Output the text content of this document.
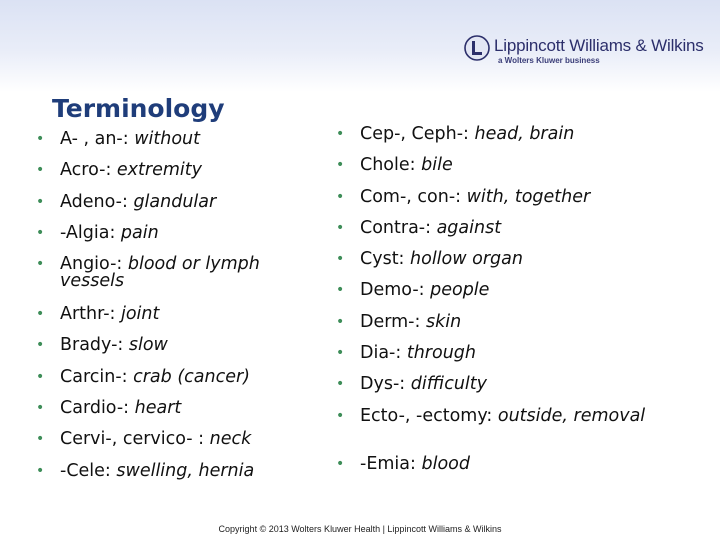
Lippincott Williams & Wilkins
a Wolters Kluwer business
Terminology
• A- , an-: without
• Acro-: extremity
• Adeno-: glandular
• -Algia: pain
• Angio-: blood or lymph vessels
• Arthr-: joint
• Brady-: slow
• Carcin-: crab (cancer)
• Cardio-: heart
• Cervi-, cervico- : neck
• -Cele: swelling, hernia
• Cep-, Ceph-: head, brain
• Chole: bile
• Com-, con-: with, together
• Contra-: against
• Cyst: hollow organ
• Demo-: people
• Derm-: skin
• Dia-: through
• Dys-: difficulty
• Ecto-, -ectomy: outside, removal
• -Emia: blood
Copyright © 2013 Wolters Kluwer Health | Lippincott Williams & Wilkins
